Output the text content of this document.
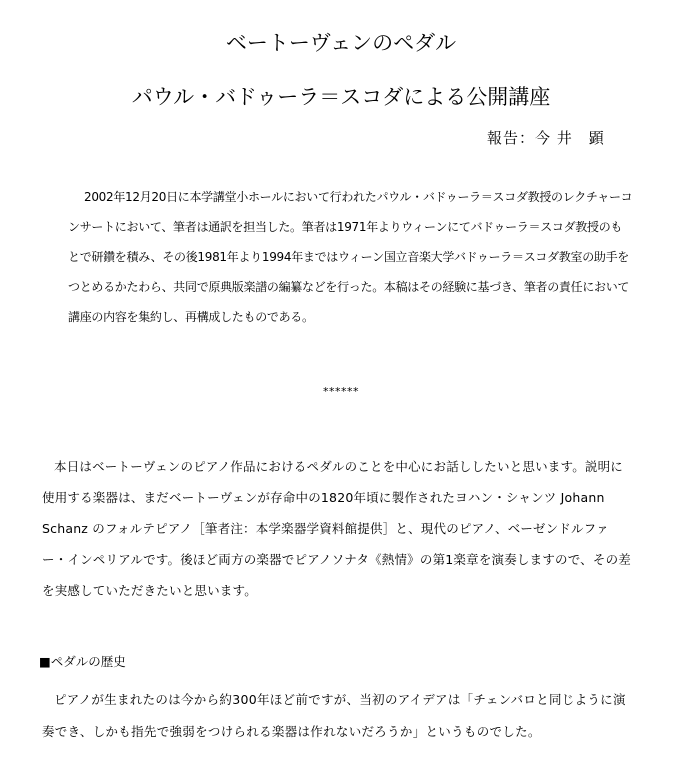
ベートーヴェンのペダル
パウル・バドゥーラ＝スコダによる公開講座
報告：今 井　顕

2002年12月20日に本学講堂小ホールにおいて行われたパウル・バドゥーラ＝スコダ教授のレクチャーコンサートにおいて、筆者は通訳を担当した。筆者は1971年よりウィーンにてバドゥーラ＝スコダ教授のもとで研鑽を積み、その後1981年より1994年まではウィーン国立音楽大学バドゥーラ＝スコダ教室の助手をつとめるかたわら、共同で原典版楽譜の編纂などを行った。本稿はその経験に基づき、筆者の責任において講座の内容を集約し、再構成したものである。

******

本日はベートーヴェンのピアノ作品におけるペダルのことを中心にお話ししたいと思います。説明に使用する楽器は、まだベートーヴェンが存命中の1820年頃に製作されたヨハン・シャンツ Johann Schanz のフォルテピアノ［筆者注：本学楽器学資料館提供］と、現代のピアノ、ベーゼンドルファー・インペリアルです。後ほど両方の楽器でピアノソナタ《熱情》の第1楽章を演奏しますので、その差を実感していただきたいと思います。

■ペダルの歴史

ピアノが生まれたのは今から約300年ほど前ですが、当初のアイデアは「チェンバロと同じように演奏でき、しかも指先で強弱をつけられる楽器は作れないだろうか」というものでした。
